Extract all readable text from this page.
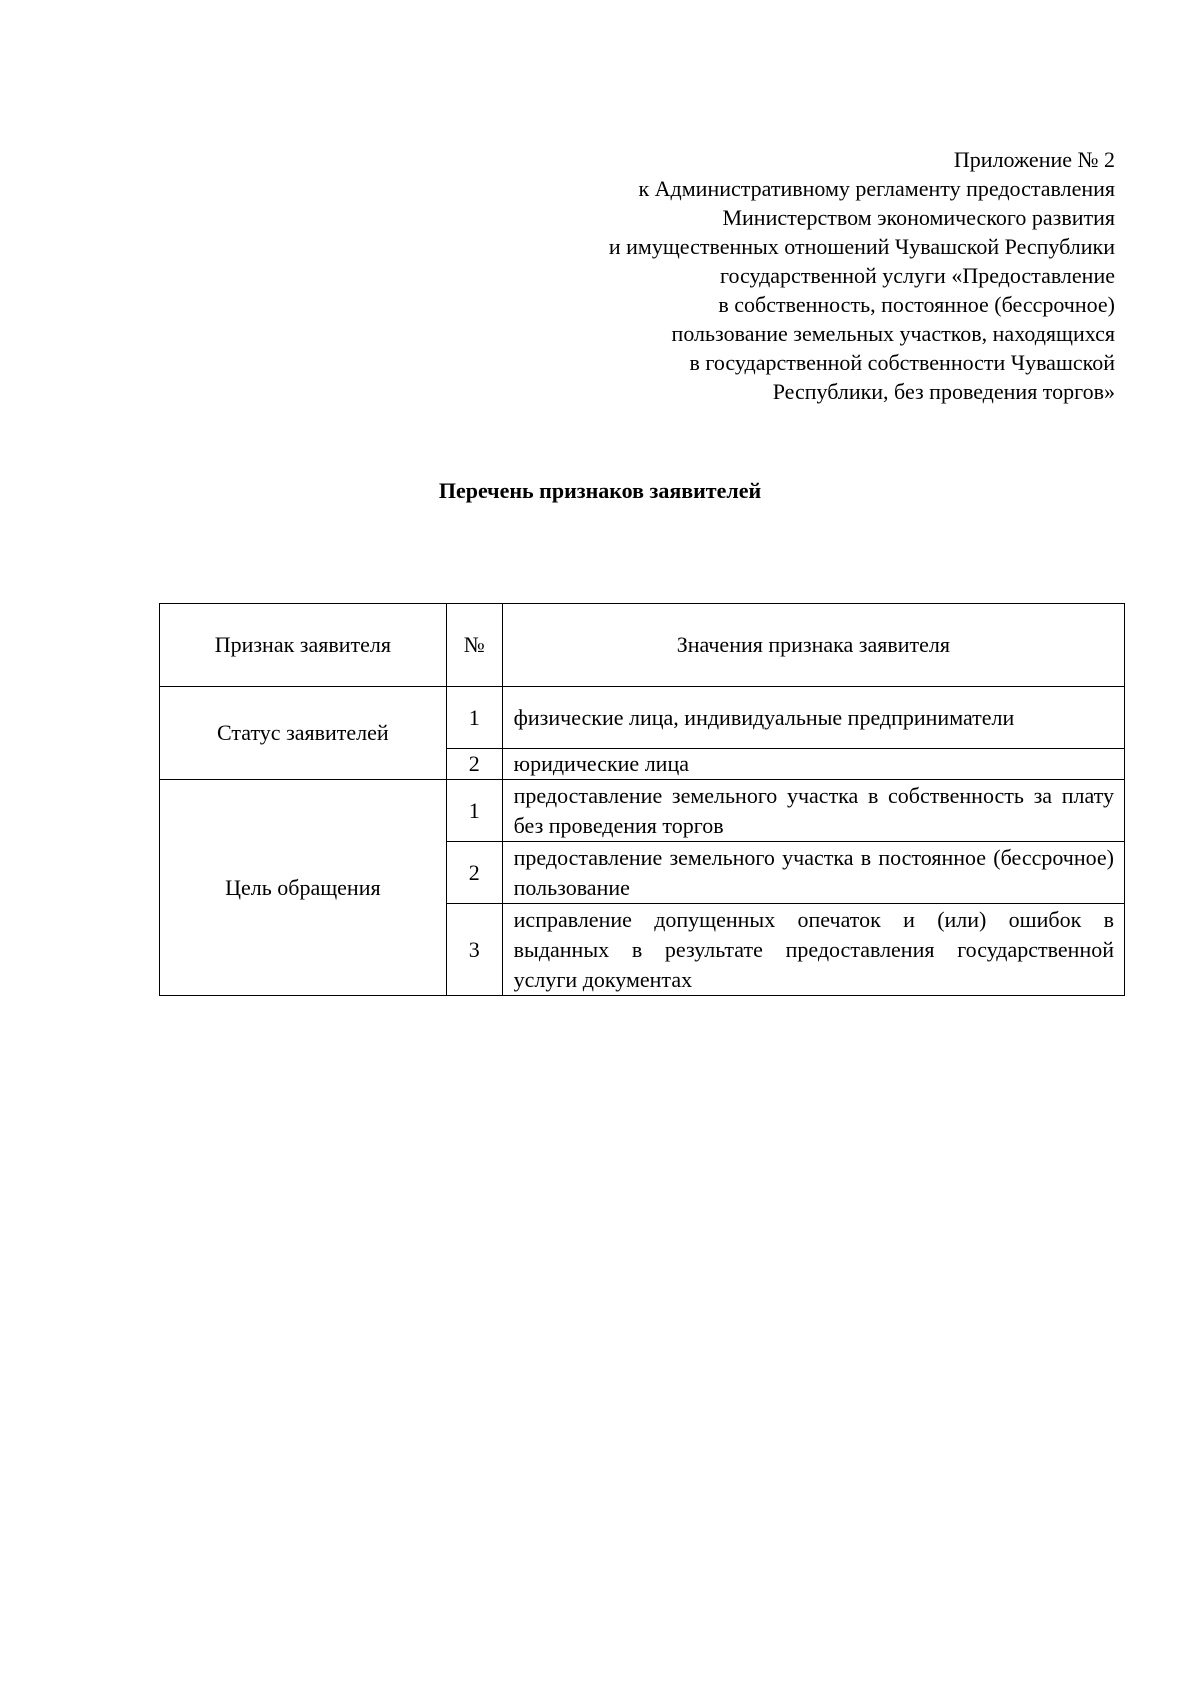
Приложение № 2
к Административному регламенту предоставления
Министерством экономического развития
и имущественных отношений Чувашской Республики
государственной услуги «Предоставление
в собственность, постоянное (бессрочное)
пользование земельных участков, находящихся
в государственной собственности Чувашской
Республики, без проведения торгов»
Перечень признаков заявителей
Признак заявителя	№	Значения признака заявителя
Статус заявителей	1	физические лица, индивидуальные предприниматели
	2	юридические лица
Цель обращения	1	предоставление земельного участка в собственность за плату без проведения торгов
	2	предоставление земельного участка в постоянное (бессрочное) пользование
	3	исправление допущенных опечаток и (или) ошибок в выданных в результате предоставления государственной услуги документах
